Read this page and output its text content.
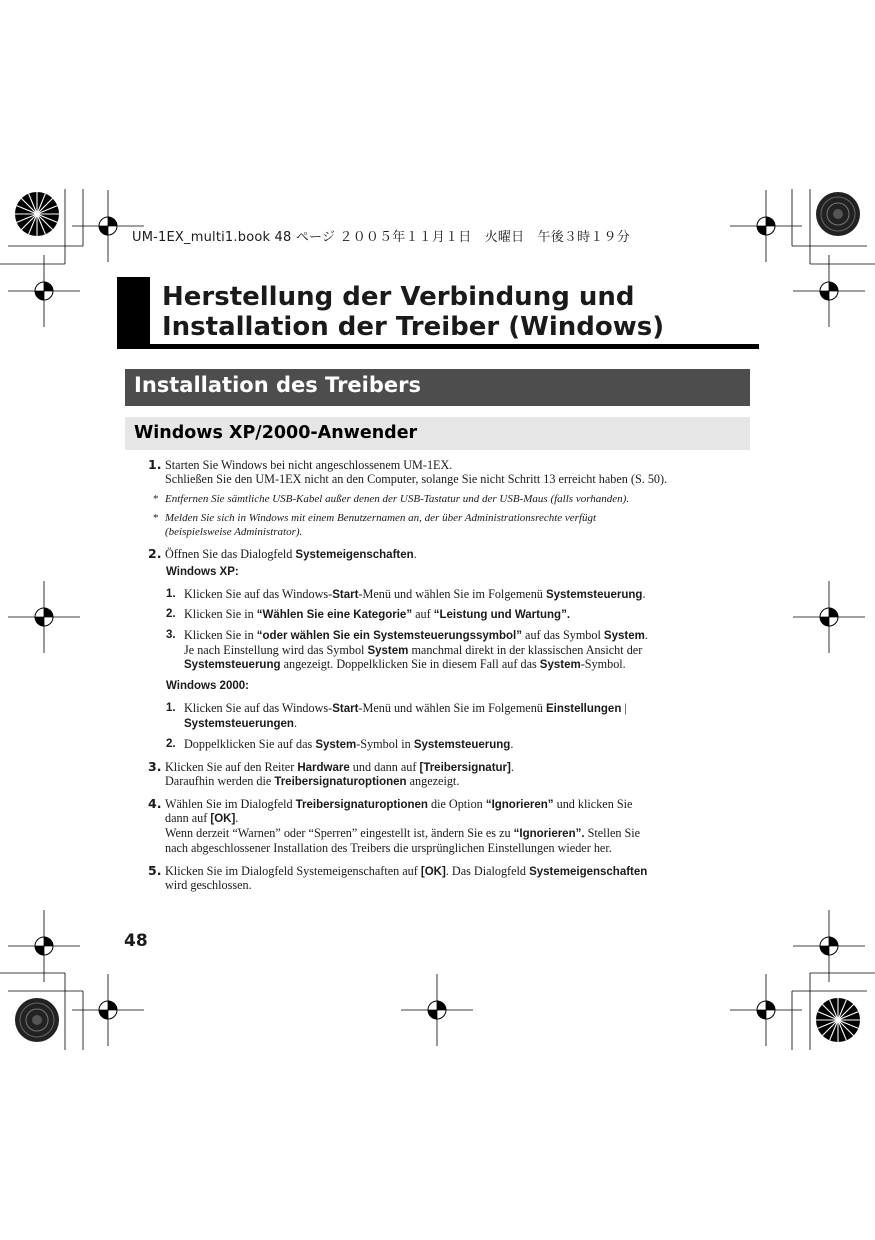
UM-1EX_multi1.book 48 ページ ２００５年１１月１日　火曜日　午後３時１９分
Herstellung der Verbindung und
Installation der Treiber (Windows)
Installation des Treibers
Windows XP/2000-Anwender
1. Starten Sie Windows bei nicht angeschlossenem UM-1EX.
Schließen Sie den UM-1EX nicht an den Computer, solange Sie nicht Schritt 13 erreicht haben (S. 50).
* Entfernen Sie sämtliche USB-Kabel außer denen der USB-Tastatur und der USB-Maus (falls vorhanden).
* Melden Sie sich in Windows mit einem Benutzernamen an, der über Administrationsrechte verfügt
(beispielsweise Administrator).
2. Öffnen Sie das Dialogfeld Systemeigenschaften.
Windows XP:
1. Klicken Sie auf das Windows-Start-Menü und wählen Sie im Folgemenü Systemsteuerung.
2. Klicken Sie in “Wählen Sie eine Kategorie” auf “Leistung und Wartung”.
3. Klicken Sie in “oder wählen Sie ein Systemsteuerungssymbol” auf das Symbol System.
Je nach Einstellung wird das Symbol System manchmal direkt in der klassischen Ansicht der
Systemsteuerung angezeigt. Doppelklicken Sie in diesem Fall auf das System-Symbol.
Windows 2000:
1. Klicken Sie auf das Windows-Start-Menü und wählen Sie im Folgemenü Einstellungen |
Systemsteuerungen.
2. Doppelklicken Sie auf das System-Symbol in Systemsteuerung.
3. Klicken Sie auf den Reiter Hardware und dann auf [Treibersignatur].
Daraufhin werden die Treibersignaturoptionen angezeigt.
4. Wählen Sie im Dialogfeld Treibersignaturoptionen die Option “Ignorieren” und klicken Sie
dann auf [OK].
Wenn derzeit “Warnen” oder “Sperren” eingestellt ist, ändern Sie es zu “Ignorieren”. Stellen Sie
nach abgeschlossener Installation des Treibers die ursprünglichen Einstellungen wieder her.
5. Klicken Sie im Dialogfeld Systemeigenschaften auf [OK]. Das Dialogfeld Systemeigenschaften
wird geschlossen.
48
